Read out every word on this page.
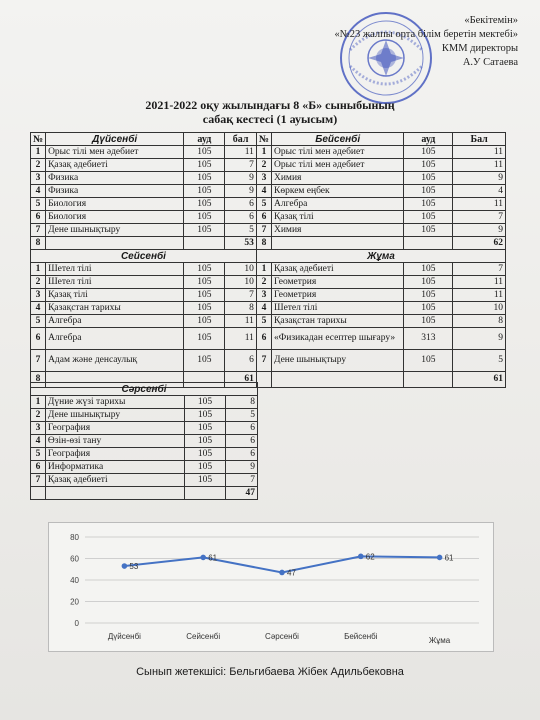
«Бекітемін»
«№23 жалпы орта білім беретін мектебі»
КММ директоры
А.У Сатаева
2021-2022 оқу жылындағы 8 «Б» сыныбының
сабақ кестесі (1 ауысым)
№	Дүйсенбі	ауд	бал	№	Бейсенбі	ауд	Бал
1	Орыс тілі мен әдебиет	105	11	1	Орыс тілі мен әдебиет	105	11
2	Қазақ әдебиеті	105	7	2	Орыс тілі мен әдебиет	105	11
3	Физика	105	9	3	Химия	105	9
4	Физика	105	9	4	Көркем еңбек	105	4
5	Биология	105	6	5	Алгебра	105	11
6	Биология	105	6	6	Қазақ тілі	105	7
7	Дене шынықтыру	105	5	7	Химия	105	9
8			53	8			62
Сейсенбі				Жұма			
1	Шетел тілі	105	10	1	Қазақ әдебиеті	105	7
2	Шетел тілі	105	10	2	Геометрия	105	11
3	Қазақ тілі	105	7	3	Геометрия	105	11
4	Қазақстан тарихы	105	8	4	Шетел тілі	105	10
5	Алгебра	105	11	5	Қазақстан тарихы	105	8
6	Алгебра	105	11	6	«Физикадан есептер шығару»	313	9
7	Адам және денсаулық	105	6	7	Дене шынықтыру	105	5
8			61				61
Сәрсенбі			
1	Дүние жүзі тарихы	105	8
2	Дене шынықтыру	105	5
3	География	105	6
4	Өзін-өзі тану	105	6
5	География	105	6
6	Информатика	105	9
7	Қазақ әдебиеті	105	7
			47
0
20
40
60
80
53
61
47
62	61
Дүйсенбі	Сейсенбі	Сәрсенбі	Бейсенбі	Жұма
Сынып жетекшісі: Бельгибаева Жібек Адильбековна
